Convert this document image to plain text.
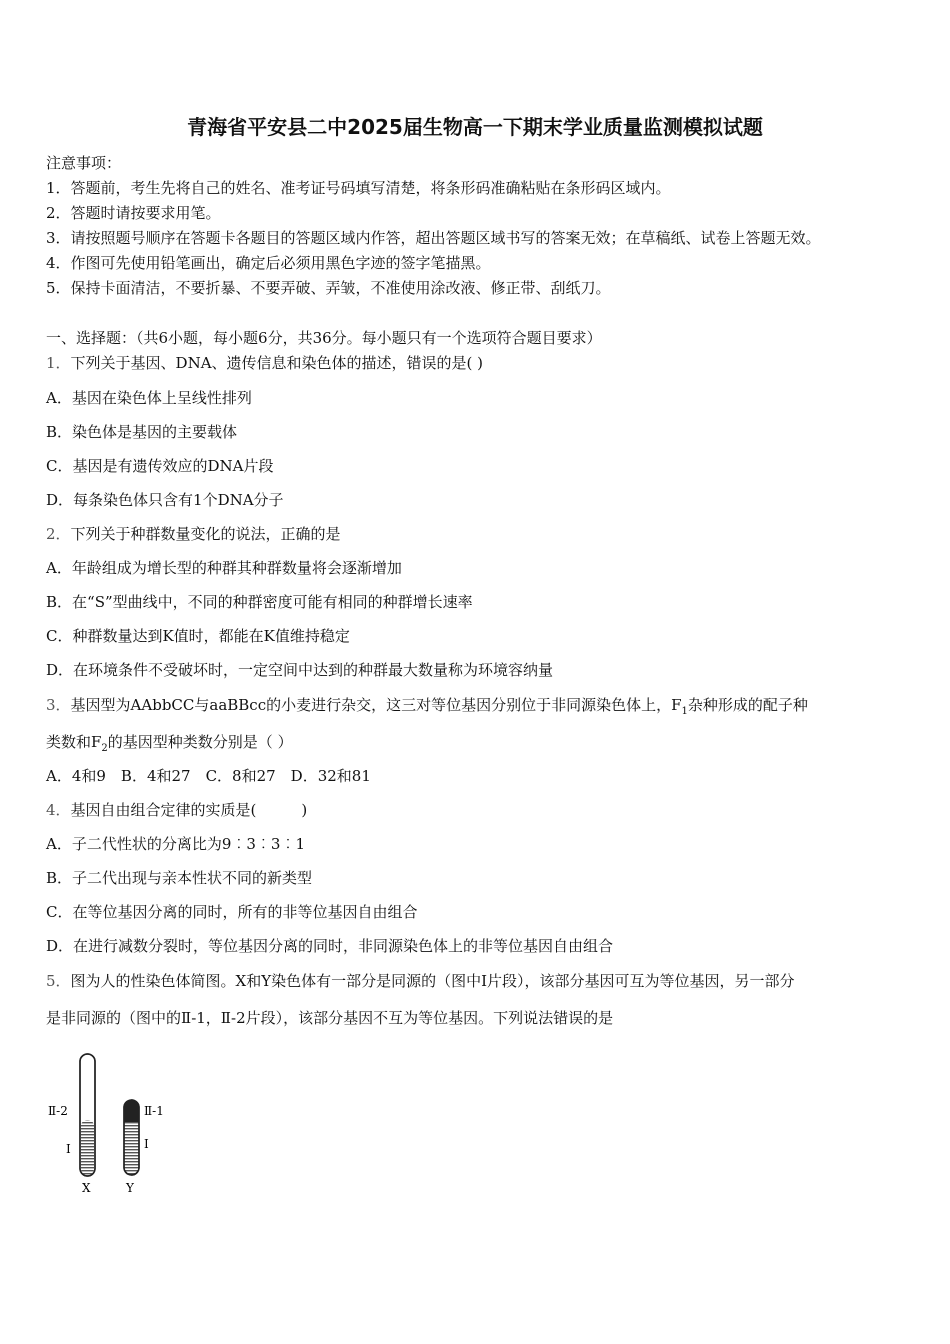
青海省平安县二中2025届生物高一下期末学业质量监测模拟试题
注意事项：
1．答题前，考生先将自己的姓名、准考证号码填写清楚，将条形码准确粘贴在条形码区域内。
2．答题时请按要求用笔。
3．请按照题号顺序在答题卡各题目的答题区域内作答，超出答题区域书写的答案无效；在草稿纸、试卷上答题无效。
4．作图可先使用铅笔画出，确定后必须用黑色字迹的签字笔描黑。
5．保持卡面清洁，不要折暴、不要弄破、弄皱，不准使用涂改液、修正带、刮纸刀。
一、选择题：（共6小题，每小题6分，共36分。每小题只有一个选项符合题目要求）
1．下列关于基因、DNA、遗传信息和染色体的描述，错误的是( )
A．基因在染色体上呈线性排列
B．染色体是基因的主要载体
C．基因是有遗传效应的DNA片段
D．每条染色体只含有1个DNA分子
2．下列关于种群数量变化的说法，正确的是
A．年龄组成为增长型的种群其种群数量将会逐渐增加
B．在“S”型曲线中，不同的种群密度可能有相同的种群增长速率
C．种群数量达到K值时，都能在K值维持稳定
D．在环境条件不受破坏时，一定空间中达到的种群最大数量称为环境容纳量
3．基因型为AAbbCC与aaBBcc的小麦进行杂交，这三对等位基因分别位于非同源染色体上，$F_1$杂种形成的配子种
类数和$F_2$的基因型种类数分别是（ ）
A．4和9　B．4和27　C．8和27　D．32和81
4．基因自由组合定律的实质是(　　　)
A．子二代性状的分离比为9︰3︰3︰1
B．子二代出现与亲本性状不同的新类型
C．在等位基因分离的同时，所有的非等位基因自由组合
D．在进行减数分裂时，等位基因分离的同时，非同源染色体上的非等位基因自由组合
5．图为人的性染色体简图。X和Y染色体有一部分是同源的（图中I片段），该部分基因可互为等位基因，另一部分
是非同源的（图中的Ⅱ-1，Ⅱ-2片段），该部分基因不互为等位基因。下列说法错误的是
Ⅱ-2
I
X
Ⅱ-1
I
Y
